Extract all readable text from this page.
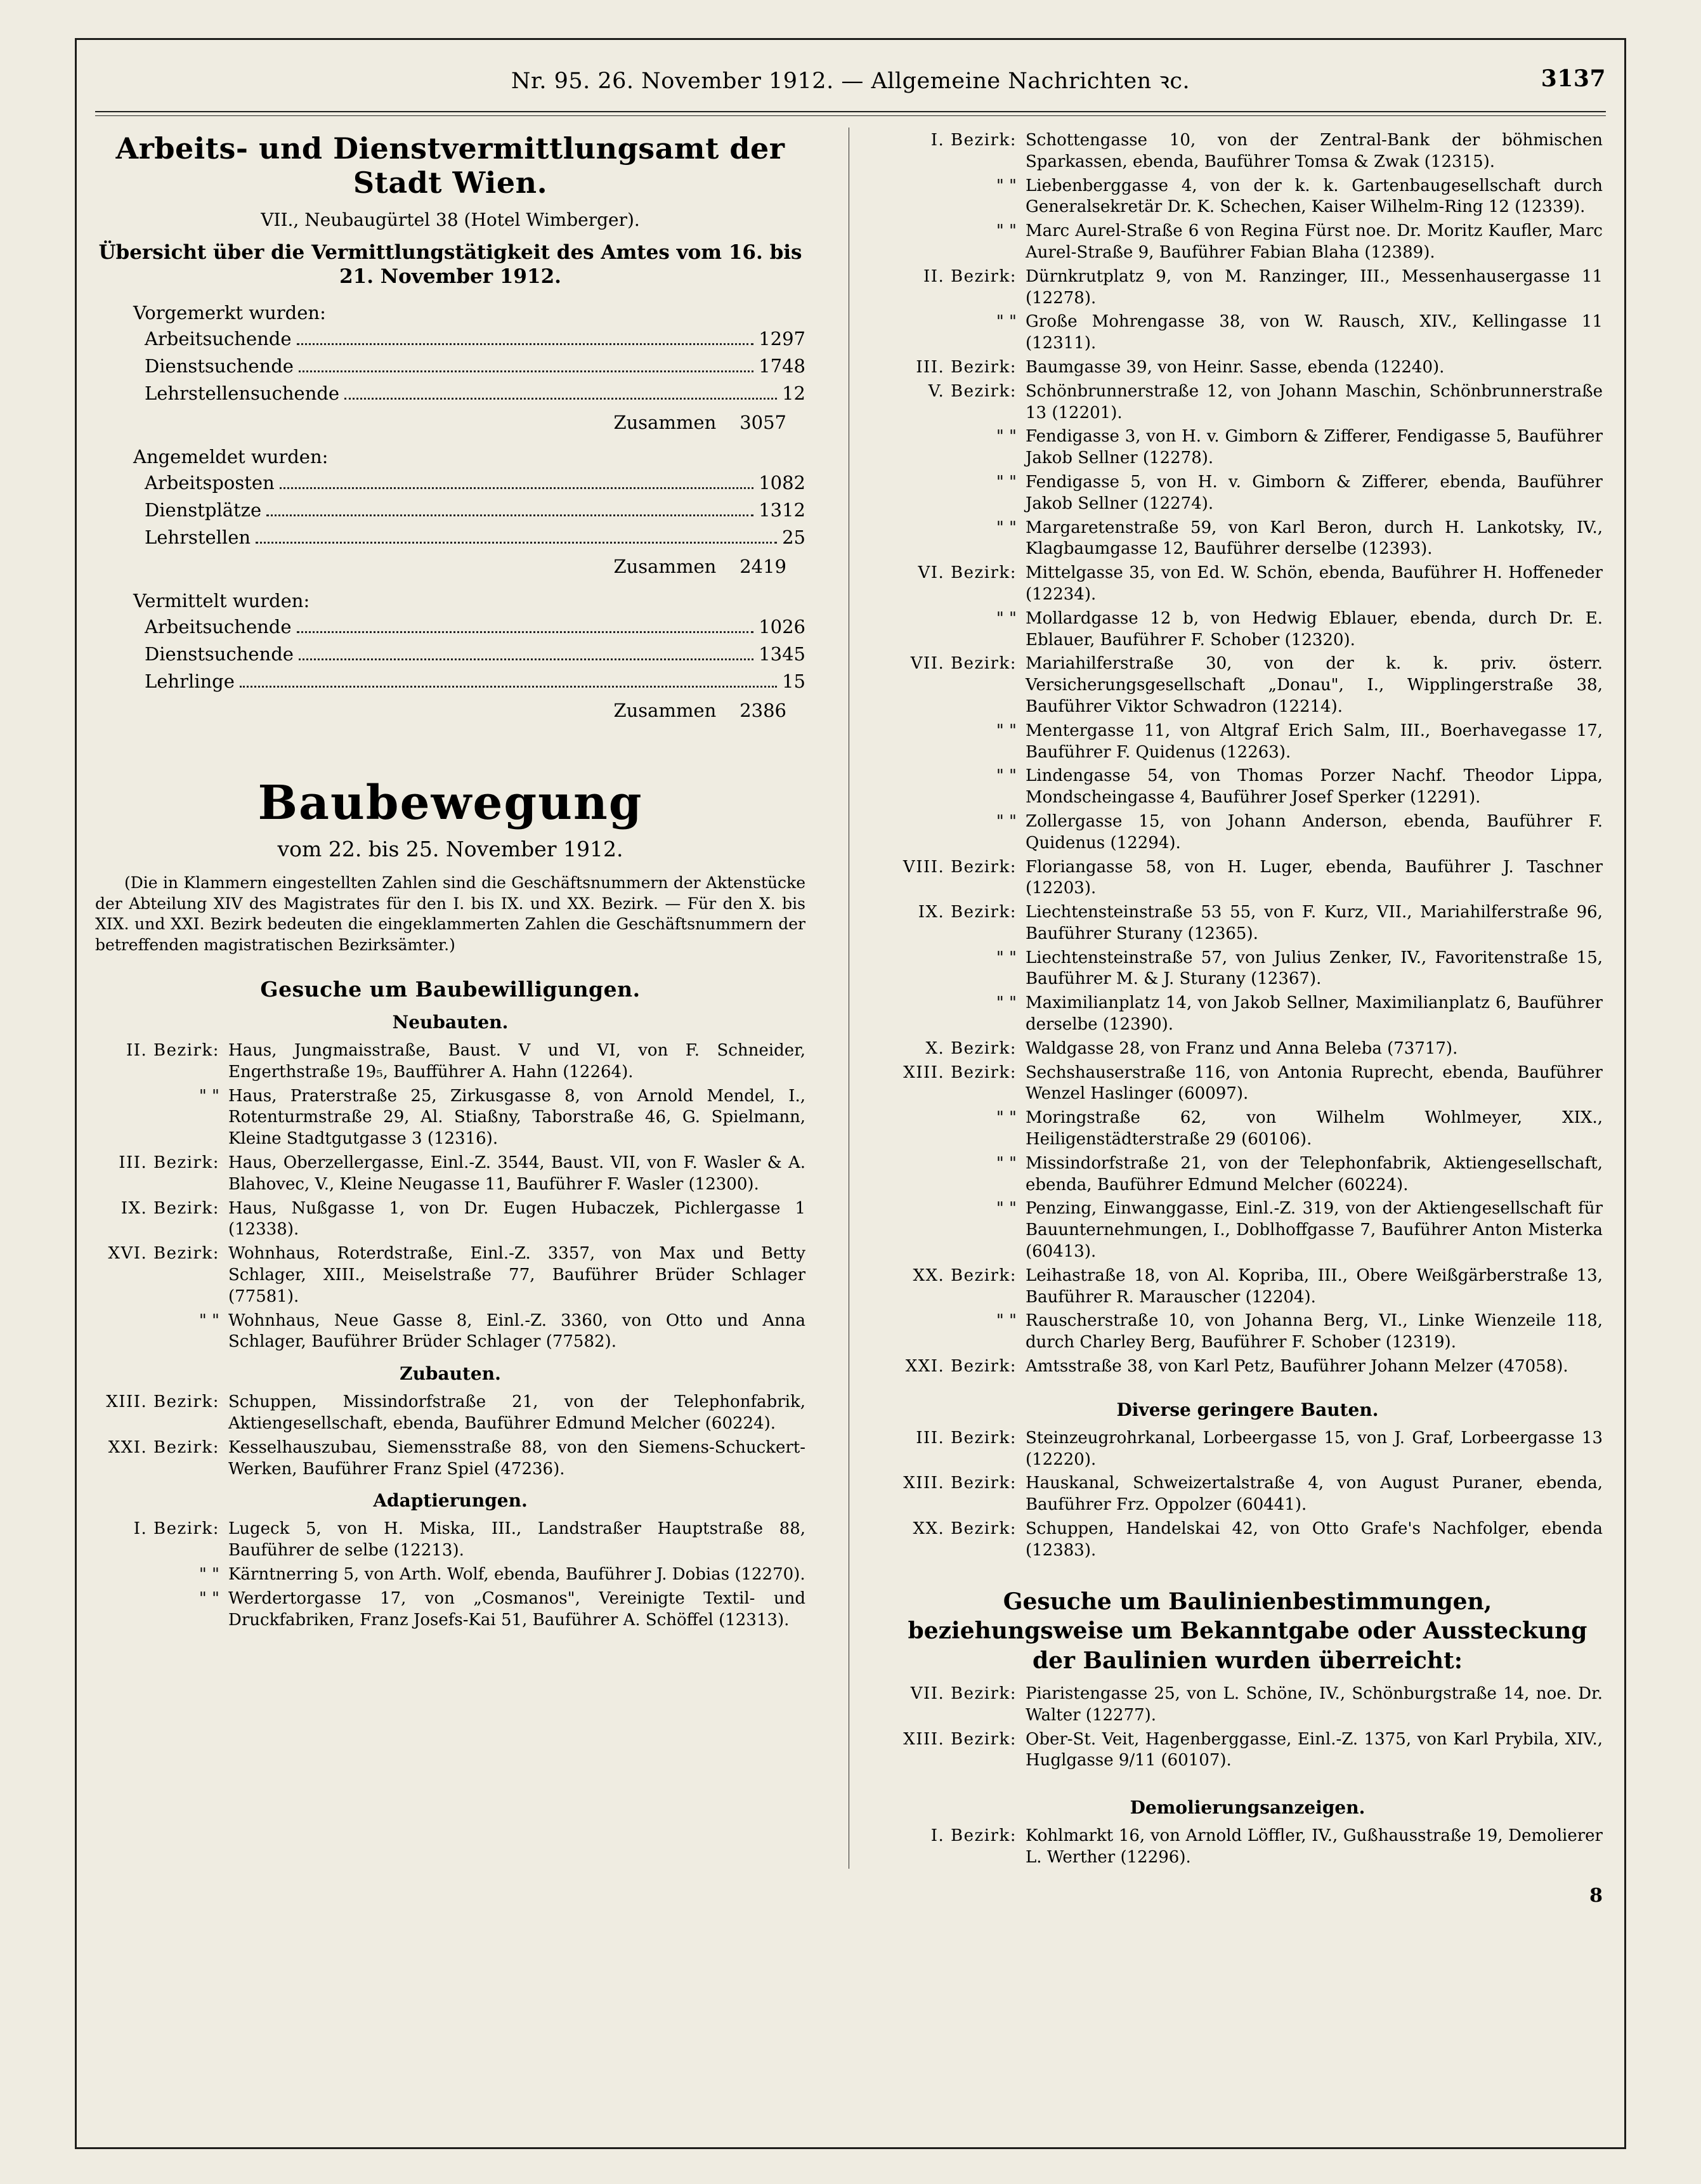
Nr. 95. 26. November 1912. — Allgemeine Nachrichten ꝛc.	3137
Arbeits- und Dienstvermittlungsamt der Stadt Wien.
VII., Neubaugürtel 38 (Hotel Wimberger).
Übersicht über die Vermittlungstätigkeit des Amtes vom 16. bis 21. November 1912.
Vorgemerkt wurden:
Arbeitsuchende	1297
Dienstsuchende	1748
Lehrstellensuchende	12
Zusammen 3057
Angemeldet wurden:
Arbeitsposten	1082
Dienstplätze	1312
Lehrstellen	25
Zusammen 2419
Vermittelt wurden:
Arbeitsuchende	1026
Dienstsuchende	1345
Lehrlinge	15
Zusammen 2386
Baubewegung
vom 22. bis 25. November 1912.
(Die in Klammern eingestellten Zahlen sind die Geschäftsnummern der Aktenstücke der Abteilung XIV des Magistrates für den I. bis IX. und XX. Bezirk. — Für den X. bis XIX. und XXI. Bezirk bedeuten die eingeklammerten Zahlen die Geschäftsnummern der betreffenden magistratischen Bezirksämter.)
Gesuche um Baubewilligungen.
Neubauten.
II. Bezirk: Haus, Jungmaisstraße, Baust. V und VI, von F. Schneider, Engerthstraße 19₅, Baufführer A. Hahn (12264).
" " Haus, Praterstraße 25, Zirkusgasse 8, von Arnold Mendel, I., Rotenturmstraße 29, Al. Stiaßny, Taborstraße 46, G. Spielmann, Kleine Stadtgutgasse 3 (12316).
III. Bezirk: Haus, Oberzellergasse, Einl.-Z. 3544, Baust. VII, von F. Wasler & A. Blahovec, V., Kleine Neugasse 11, Bauführer F. Wasler (12300).
IX. Bezirk: Haus, Nußgasse 1, von Dr. Eugen Hubaczek, Pichlergasse 1 (12338).
XVI. Bezirk: Wohnhaus, Roterdstraße, Einl.-Z. 3357, von Max und Betty Schlager, XIII., Meiselstraße 77, Bauführer Brüder Schlager (77581).
" " Wohnhaus, Neue Gasse 8, Einl.-Z. 3360, von Otto und Anna Schlager, Bauführer Brüder Schlager (77582).
Zubauten.
XIII. Bezirk: Schuppen, Missindorfstraße 21, von der Telephonfabrik, Aktiengesellschaft, ebenda, Bauführer Edmund Melcher (60224).
XXI. Bezirk: Kesselhauszubau, Siemensstraße 88, von den Siemens-Schuckert-Werken, Bauführer Franz Spiel (47236).
Adaptierungen.
I. Bezirk: Lugeck 5, von H. Miska, III., Landstraßer Hauptstraße 88, Bauführer de selbe (12213).
" " Kärntnerring 5, von Arth. Wolf, ebenda, Bauführer J. Dobias (12270).
" " Werdertorgasse 17, von „Cosmanos", Vereinigte Textil- und Druckfabriken, Franz Josefs-Kai 51, Bauführer A. Schöffel (12313).
I. Bezirk: Schottengasse 10, von der Zentral-Bank der böhmischen Sparkassen, ebenda, Bauführer Tomsa & Zwak (12315).
" " Liebenberggasse 4, von der k. k. Gartenbaugesellschaft durch Generalsekretär Dr. K. Schechen, Kaiser Wilhelm-Ring 12 (12339).
" " Marc Aurel-Straße 6 von Regina Fürst noe. Dr. Moritz Kaufler, Marc Aurel-Straße 9, Bauführer Fabian Blaha (12389).
II. Bezirk: Dürnkrutplatz 9, von M. Ranzinger, III., Messenhausergasse 11 (12278).
" " Große Mohrengasse 38, von W. Rausch, XIV., Kellingasse 11 (12311).
III. Bezirk: Baumgasse 39, von Heinr. Sasse, ebenda (12240).
V. Bezirk: Schönbrunnerstraße 12, von Johann Maschin, Schönbrunnerstraße 13 (12201).
" " Fendigasse 3, von H. v. Gimborn & Zifferer, Fendigasse 5, Bauführer Jakob Sellner (12278).
" " Fendigasse 5, von H. v. Gimborn & Zifferer, ebenda, Bauführer Jakob Sellner (12274).
" " Margaretenstraße 59, von Karl Beron, durch H. Lankotsky, IV., Klagbaumgasse 12, Bauführer derselbe (12393).
VI. Bezirk: Mittelgasse 35, von Ed. W. Schön, ebenda, Bauführer H. Hoffeneder (12234).
" " Mollardgasse 12 b, von Hedwig Eblauer, ebenda, durch Dr. E. Eblauer, Bauführer F. Schober (12320).
VII. Bezirk: Mariahilferstraße 30, von der k. k. priv. österr. Versicherungsgesellschaft „Donau", I., Wipplingerstraße 38, Bauführer Viktor Schwadron (12214).
" " Mentergasse 11, von Altgraf Erich Salm, III., Boerhavegasse 17, Bauführer F. Quidenus (12263).
" " Lindengasse 54, von Thomas Porzer Nachf. Theodor Lippa, Mondscheingasse 4, Bauführer Josef Sperker (12291).
" " Zollergasse 15, von Johann Anderson, ebenda, Bauführer F. Quidenus (12294).
VIII. Bezirk: Floriangasse 58, von H. Luger, ebenda, Bauführer J. Taschner (12203).
IX. Bezirk: Liechtensteinstraße 53 55, von F. Kurz, VII., Mariahilferstraße 96, Bauführer Sturany (12365).
" " Liechtensteinstraße 57, von Julius Zenker, IV., Favoritenstraße 15, Bauführer M. & J. Sturany (12367).
" " Maximilianplatz 14, von Jakob Sellner, Maximilianplatz 6, Bauführer derselbe (12390).
X. Bezirk: Waldgasse 28, von Franz und Anna Beleba (73717).
XIII. Bezirk: Sechshauserstraße 116, von Antonia Ruprecht, ebenda, Bauführer Wenzel Haslinger (60097).
" " Moringstraße 62, von Wilhelm Wohlmeyer, XIX., Heiligenstädterstraße 29 (60106).
" " Missindorfstraße 21, von der Telephonfabrik, Aktiengesellschaft, ebenda, Bauführer Edmund Melcher (60224).
" " Penzing, Einwanggasse, Einl.-Z. 319, von der Aktiengesellschaft für Bauunternehmungen, I., Doblhoffgasse 7, Bauführer Anton Misterka (60413).
XX. Bezirk: Leihastraße 18, von Al. Kopriba, III., Obere Weißgärberstraße 13, Bauführer R. Marauscher (12204).
" " Rauscherstraße 10, von Johanna Berg, VI., Linke Wienzeile 118, durch Charley Berg, Bauführer F. Schober (12319).
XXI. Bezirk: Amtsstraße 38, von Karl Petz, Bauführer Johann Melzer (47058).
Diverse geringere Bauten.
III. Bezirk: Steinzeugrohrkanal, Lorbeergasse 15, von J. Graf, Lorbeergasse 13 (12220).
XIII. Bezirk: Hauskanal, Schweizertalstraße 4, von August Puraner, ebenda, Bauführer Frz. Oppolzer (60441).
XX. Bezirk: Schuppen, Handelskai 42, von Otto Grafe's Nachfolger, ebenda (12383).
Gesuche um Baulinienbestimmungen, beziehungsweise um Bekanntgabe oder Aussteckung der Baulinien wurden überreicht:
VII. Bezirk: Piaristengasse 25, von L. Schöne, IV., Schönburgstraße 14, noe. Dr. Walter (12277).
XIII. Bezirk: Ober-St. Veit, Hagenberggasse, Einl.-Z. 1375, von Karl Prybila, XIV., Huglgasse 9/11 (60107).
Demolierungsanzeigen.
I. Bezirk: Kohlmarkt 16, von Arnold Löffler, IV., Gußhausstraße 19, Demolierer L. Werther (12296).
8
